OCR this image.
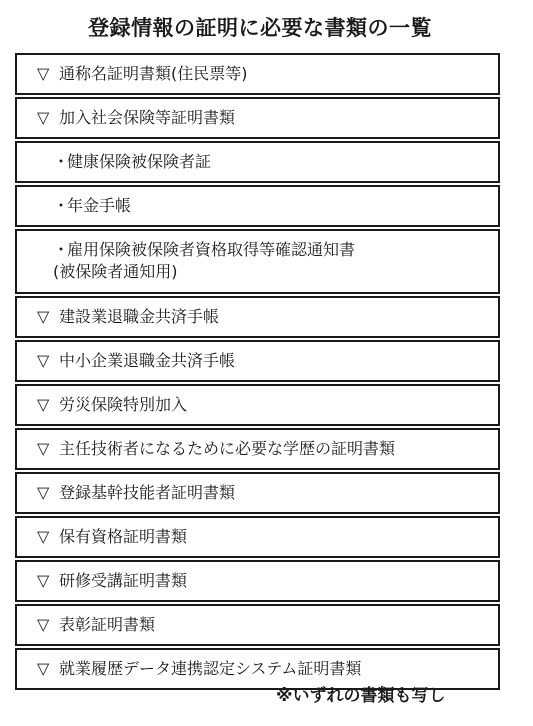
登録情報の証明に必要な書類の一覧
▽ 通称名証明書類(住民票等)
▽ 加入社会保険等証明書類
・
健康保険被保険者証
・
年金手帳
・
雇用保険被保険者資格取得等確認通知書
(被保険者通知用)
▽ 建設業退職金共済手帳
▽ 中小企業退職金共済手帳
▽ 労災保険特別加入
▽ 主任技術者になるために必要な学歴の証明書類
▽ 登録基幹技能者証明書類
▽ 保有資格証明書類
▽ 研修受講証明書類
▽ 表彰証明書類
▽ 就業履歴データ連携認定システム証明書類
※いずれの書類も写し
